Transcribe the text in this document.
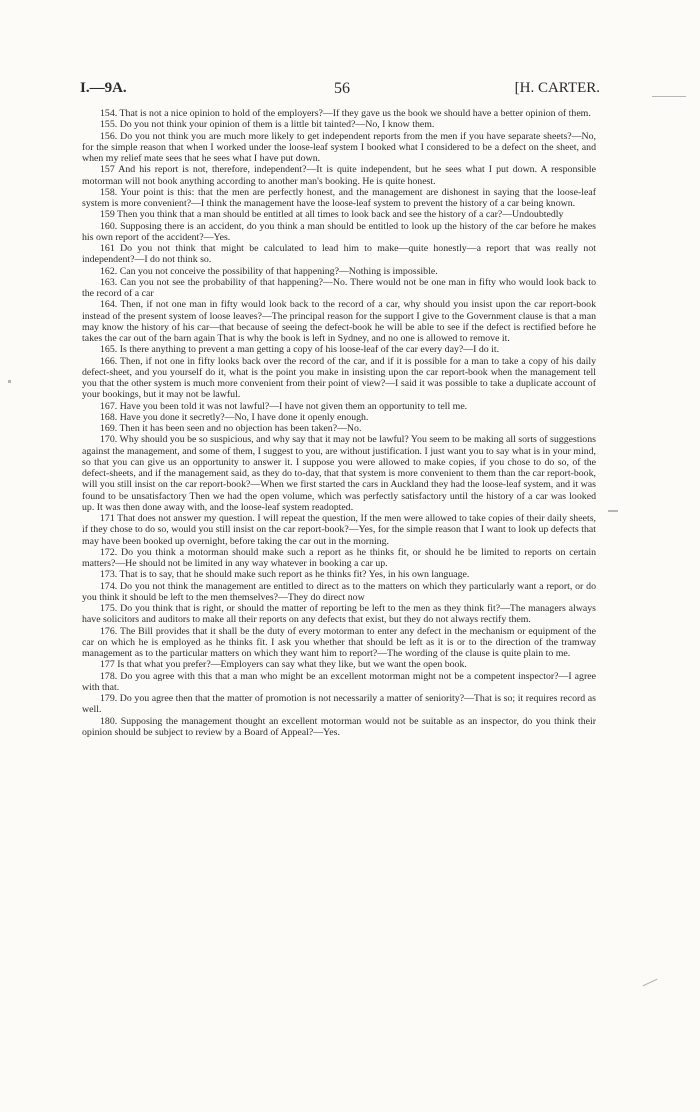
I.—9A.	56	[H. CARTER.

154. That is not a nice opinion to hold of the employers?—If they gave us the book we should have a better opinion of them.

155. Do you not think your opinion of them is a little bit tainted?—No, I know them.

156. Do you not think you are much more likely to get independent reports from the men if you have separate sheets?—No, for the simple reason that when I worked under the loose-leaf system I booked what I considered to be a defect on the sheet, and when my relief mate sees that he sees what I have put down.

157 And his report is not, therefore, independent?—It is quite independent, but he sees what I put down. A responsible motorman will not book anything according to another man's booking. He is quite honest.

158. Your point is this: that the men are perfectly honest, and the management are dishonest in saying that the loose-leaf system is more convenient?—I think the management have the loose-leaf system to prevent the history of a car being known.

159 Then you think that a man should be entitled at all times to look back and see the history of a car?—Undoubtedly

160. Supposing there is an accident, do you think a man should be entitled to look up the history of the car before he makes his own report of the accident?—Yes.

161 Do you not think that might be calculated to lead him to make—quite honestly—a report that was really not independent?—I do not think so.

162. Can you not conceive the possibility of that happening?—Nothing is impossible.

163. Can you not see the probability of that happening?—No. There would not be one man in fifty who would look back to the record of a car

164. Then, if not one man in fifty would look back to the record of a car, why should you insist upon the car report-book instead of the present system of loose leaves?—The principal reason for the support I give to the Government clause is that a man may know the history of his car—that because of seeing the defect-book he will be able to see if the defect is rectified before he takes the car out of the barn again That is why the book is left in Sydney, and no one is allowed to remove it.

165. Is there anything to prevent a man getting a copy of his loose-leaf of the car every day?—I do it.

166. Then, if not one in fifty looks back over the record of the car, and if it is possible for a man to take a copy of his daily defect-sheet, and you yourself do it, what is the point you make in insisting upon the car report-book when the management tell you that the other system is much more convenient from their point of view?—I said it was possible to take a duplicate account of your bookings, but it may not be lawful.

167. Have you been told it was not lawful?—I have not given them an opportunity to tell me.

168. Have you done it secretly?—No, I have done it openly enough.

169. Then it has been seen and no objection has been taken?—No.

170. Why should you be so suspicious, and why say that it may not be lawful? You seem to be making all sorts of suggestions against the management, and some of them, I suggest to you, are without justification. I just want you to say what is in your mind, so that you can give us an opportunity to answer it. I suppose you were allowed to make copies, if you chose to do so, of the defect-sheets, and if the management said, as they do to-day, that that system is more convenient to them than the car report-book, will you still insist on the car report-book?—When we first started the cars in Auckland they had the loose-leaf system, and it was found to be unsatisfactory Then we had the open volume, which was perfectly satisfactory until the history of a car was looked up. It was then done away with, and the loose-leaf system readopted.

171 That does not answer my question. I will repeat the question, If the men were allowed to take copies of their daily sheets, if they chose to do so, would you still insist on the car report-book?—Yes, for the simple reason that I want to look up defects that may have been booked up overnight, before taking the car out in the morning.

172. Do you think a motorman should make such a report as he thinks fit, or should he be limited to reports on certain matters?—He should not be limited in any way whatever in booking a car up.

173. That is to say, that he should make such report as he thinks fit? Yes, in his own language.

174. Do you not think the management are entitled to direct as to the matters on which they particularly want a report, or do you think it should be left to the men themselves?—They do direct now

175. Do you think that is right, or should the matter of reporting be left to the men as they think fit?—The managers always have solicitors and auditors to make all their reports on any defects that exist, but they do not always rectify them.

176. The Bill provides that it shall be the duty of every motorman to enter any defect in the mechanism or equipment of the car on which he is employed as he thinks fit. I ask you whether that should be left as it is or to the direction of the tramway management as to the particular matters on which they want him to report?—The wording of the clause is quite plain to me.

177 Is that what you prefer?—Employers can say what they like, but we want the open book.

178. Do you agree with this that a man who might be an excellent motorman might not be a competent inspector?—I agree with that.

179. Do you agree then that the matter of promotion is not necessarily a matter of seniority?—That is so; it requires record as well.

180. Supposing the management thought an excellent motorman would not be suitable as an inspector, do you think their opinion should be subject to review by a Board of Appeal?—Yes.
